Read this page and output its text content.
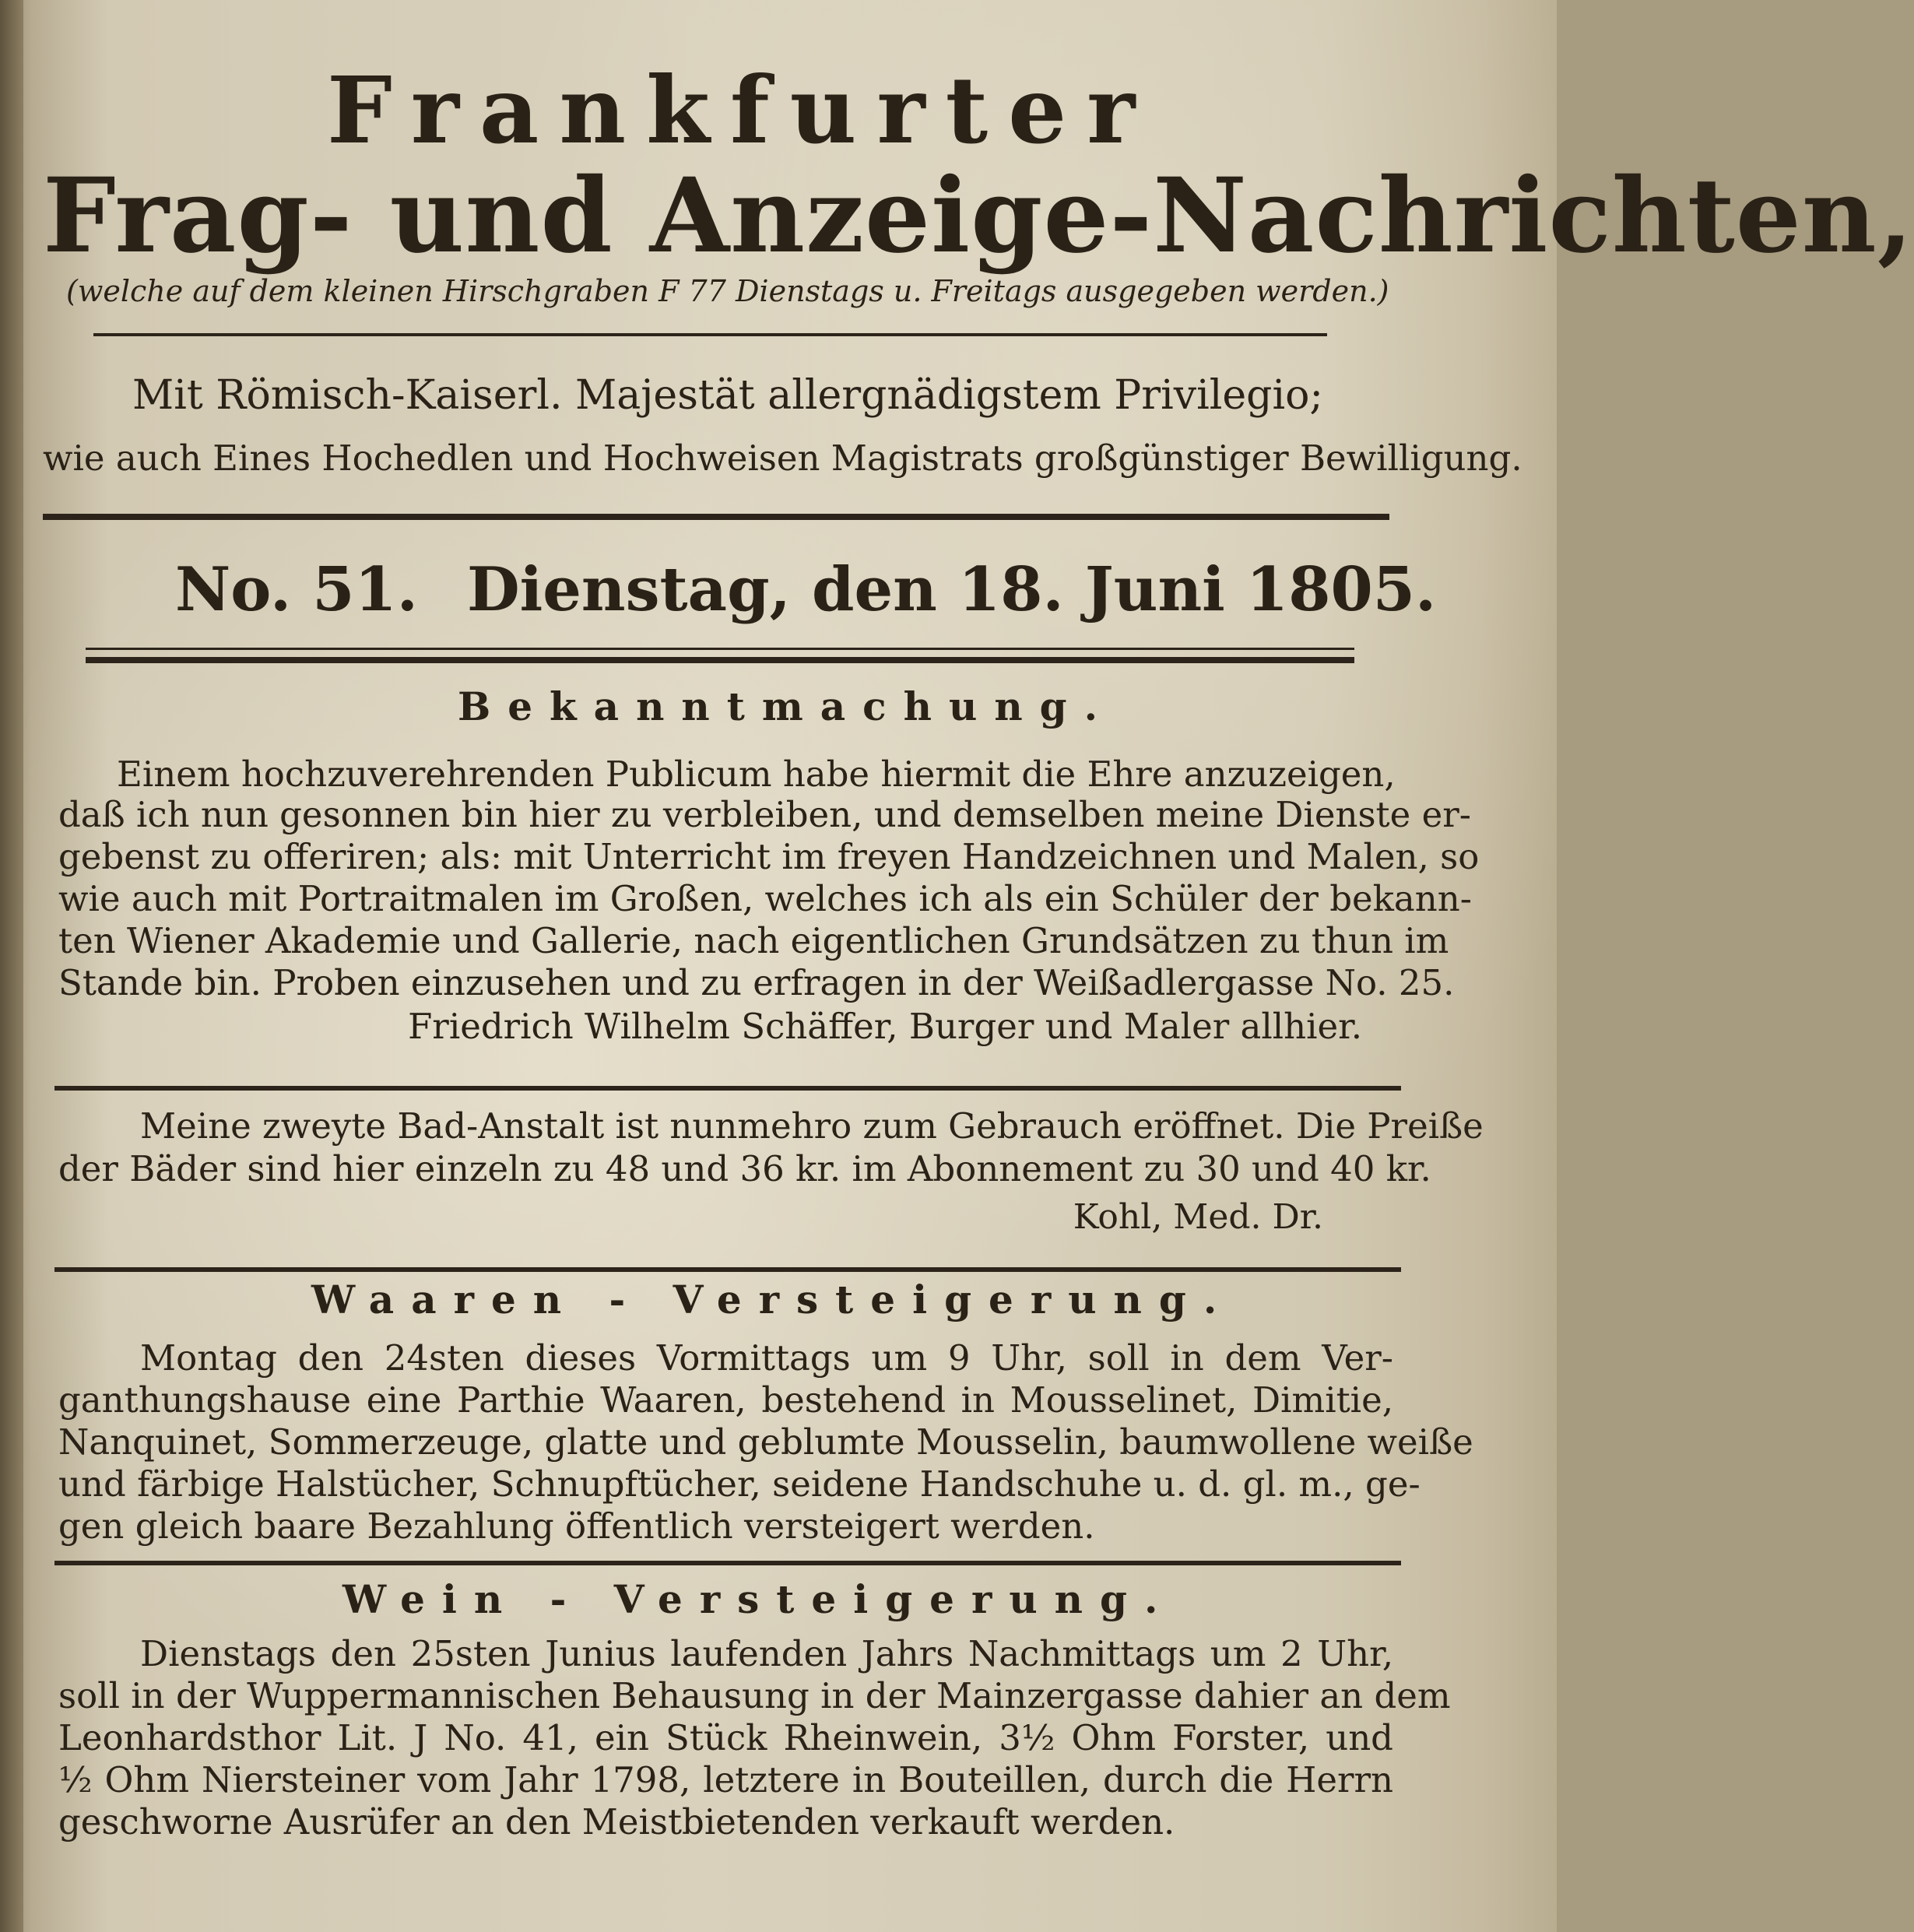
Frankfurter

Frag- und Anzeige-Nachrichten,

(welche auf dem kleinen Hirschgraben F 77 Dienstags u. Freitags ausgegeben werden.)

Mit Römisch-Kaiserl. Majestät allergnädigstem Privilegio;

wie auch Eines Hochedlen und Hochweisen Magistrats großgünstiger Bewilligung.

No. 51. Dienstag, den 18. Juni 1805.

Bekanntmachung.

Einem hochzuverehrenden Publicum habe hiermit die Ehre anzuzeigen,

daß ich nun gesonnen bin hier zu verbleiben, und demselben meine Dienste er-

gebenst zu offeriren; als: mit Unterricht im freyen Handzeichnen und Malen, so

wie auch mit Portraitmalen im Großen, welches ich als ein Schüler der bekann-

ten Wiener Akademie und Gallerie, nach eigentlichen Grundsätzen zu thun im

Stande bin. Proben einzusehen und zu erfragen in der Weißadlergasse No. 25.

Friedrich Wilhelm Schäffer, Burger und Maler allhier.

Meine zweyte Bad-Anstalt ist nunmehro zum Gebrauch eröffnet. Die Preiße

der Bäder sind hier einzeln zu 48 und 36 kr. im Abonnement zu 30 und 40 kr.

Kohl, Med. Dr.

Waaren - Versteigerung.

Montag den 24sten dieses Vormittags um 9 Uhr, soll in dem Ver-

ganthungshause eine Parthie Waaren, bestehend in Mousselinet, Dimitie,

Nanquinet, Sommerzeuge, glatte und geblumte Mousselin, baumwollene weiße

und färbige Halstücher, Schnupftücher, seidene Handschuhe u. d. gl. m., ge-

gen gleich baare Bezahlung öffentlich versteigert werden.

Wein - Versteigerung.

Dienstags den 25sten Junius laufenden Jahrs Nachmittags um 2 Uhr,

soll in der Wuppermannischen Behausung in der Mainzergasse dahier an dem

Leonhardsthor Lit. J No. 41, ein Stück Rheinwein, 3½ Ohm Forster, und

½ Ohm Niersteiner vom Jahr 1798, letztere in Bouteillen, durch die Herrn

geschworne Ausrüfer an den Meistbietenden verkauft werden.
